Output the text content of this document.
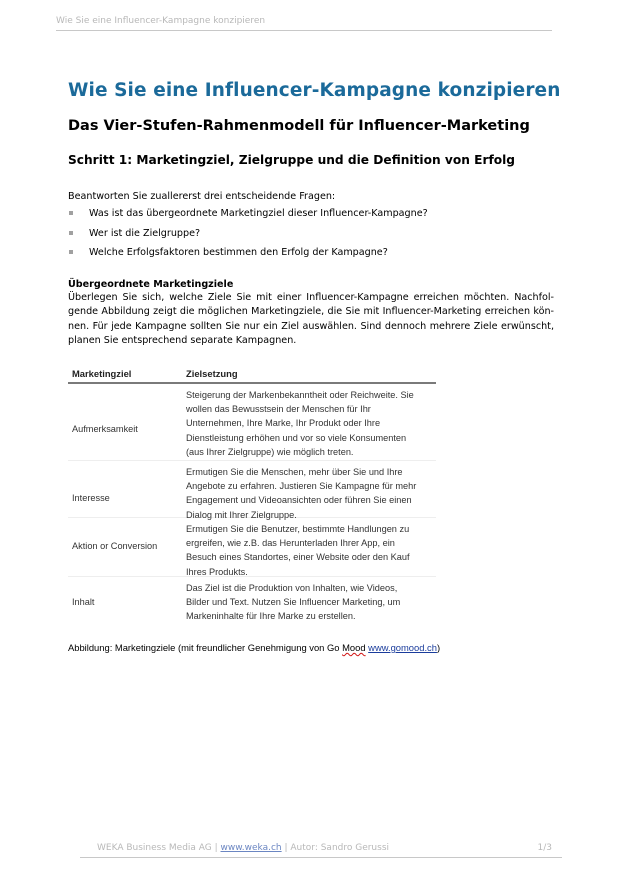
Wie Sie eine Influencer-Kampagne konzipieren
Wie Sie eine Influencer-Kampagne konzipieren
Das Vier-Stufen-Rahmenmodell für Influencer-Marketing
Schritt 1: Marketingziel, Zielgruppe und die Definition von Erfolg
Beantworten Sie zuallererst drei entscheidende Fragen:
Was ist das übergeordnete Marketingziel dieser Influencer-Kampagne?
Wer ist die Zielgruppe?
Welche Erfolgsfaktoren bestimmen den Erfolg der Kampagne?
Übergeordnete Marketingziele
Überlegen Sie sich, welche Ziele Sie mit einer Influencer-Kampagne erreichen möchten. Nachfol-
gende Abbildung zeigt die möglichen Marketingziele, die Sie mit Influencer-Marketing erreichen kön-
nen. Für jede Kampagne sollten Sie nur ein Ziel auswählen. Sind dennoch mehrere Ziele erwünscht,
planen Sie entsprechend separate Kampagnen.
Marketingziel	Zielsetzung
Aufmerksamkeit
Steigerung der Markenbekanntheit oder Reichweite. Sie
wollen das Bewusstsein der Menschen für Ihr
Unternehmen, Ihre Marke, Ihr Produkt oder Ihre
Dienstleistung erhöhen und vor so viele Konsumenten
(aus Ihrer Zielgruppe) wie möglich treten.
Interesse
Ermutigen Sie die Menschen, mehr über Sie und Ihre
Angebote zu erfahren. Justieren Sie Kampagne für mehr
Engagement und Videoansichten oder führen Sie einen
Dialog mit Ihrer Zielgruppe.
Aktion or Conversion
Ermutigen Sie die Benutzer, bestimmte Handlungen zu
ergreifen, wie z.B. das Herunterladen Ihrer App, ein
Besuch eines Standortes, einer Website oder den Kauf
Ihres Produkts.
Inhalt
Das Ziel ist die Produktion von Inhalten, wie Videos,
Bilder und Text. Nutzen Sie Influencer Marketing, um
Markeninhalte für Ihre Marke zu erstellen.
Abbildung: Marketingziele (mit freundlicher Genehmigung von Go Mood www.gomood.ch)
WEKA Business Media AG | www.weka.ch | Autor: Sandro Gerussi	1/3
